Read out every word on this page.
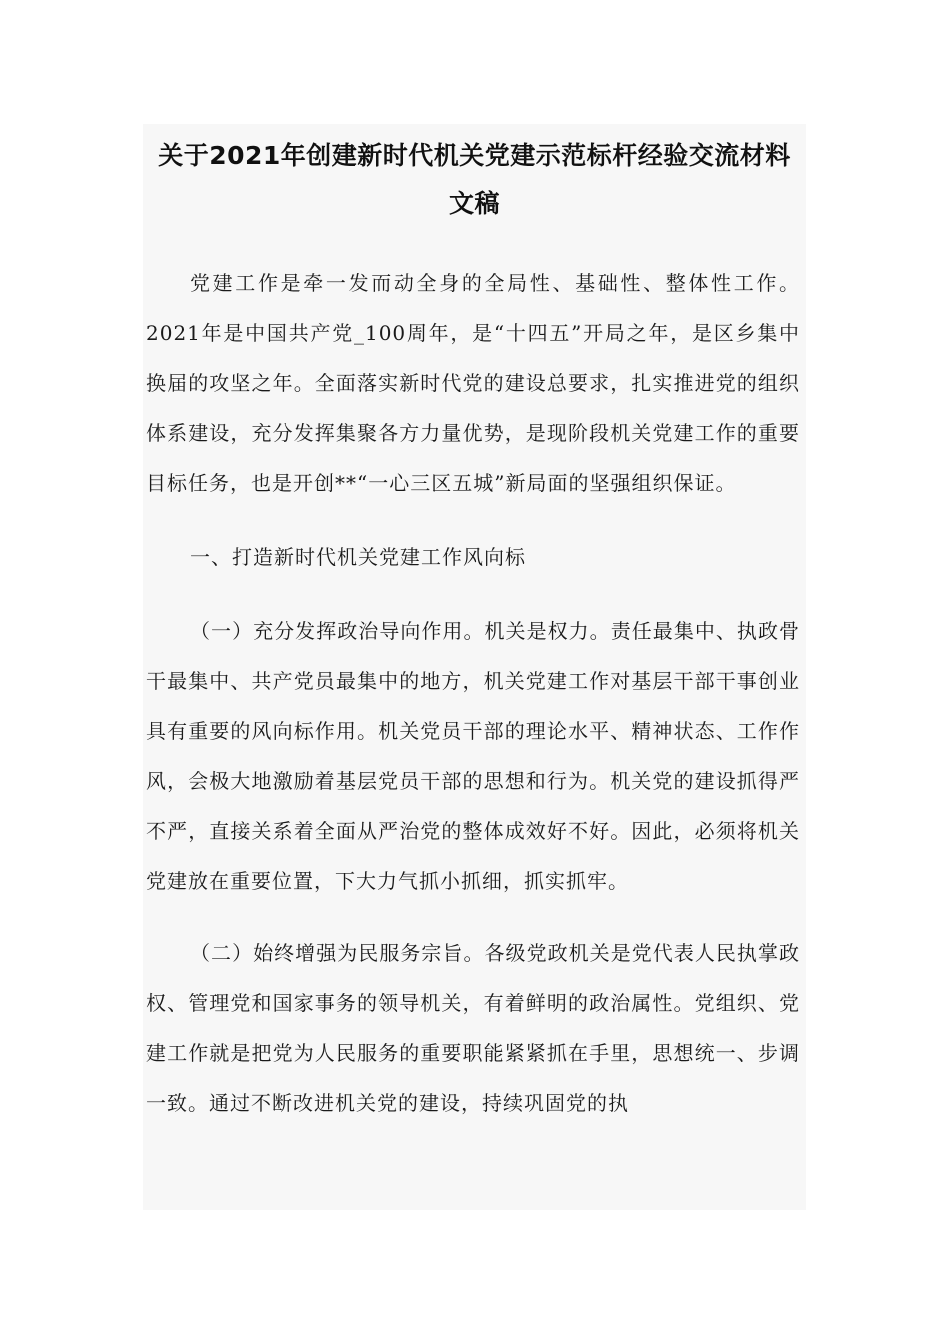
关于2021年创建新时代机关党建示范标杆经验交流材料文稿

党建工作是牵一发而动全身的全局性、基础性、整体性工作。2021年是中国共产党_100周年，是“十四五”开局之年，是区乡集中换届的攻坚之年。全面落实新时代党的建设总要求，扎实推进党的组织体系建设，充分发挥集聚各方力量优势，是现阶段机关党建工作的重要目标任务，也是开创**“一心三区五城”新局面的坚强组织保证。

一、打造新时代机关党建工作风向标

（一）充分发挥政治导向作用。机关是权力。责任最集中、执政骨干最集中、共产党员最集中的地方，机关党建工作对基层干部干事创业具有重要的风向标作用。机关党员干部的理论水平、精神状态、工作作风，会极大地激励着基层党员干部的思想和行为。机关党的建设抓得严不严，直接关系着全面从严治党的整体成效好不好。因此，必须将机关党建放在重要位置，下大力气抓小抓细，抓实抓牢。

（二）始终增强为民服务宗旨。各级党政机关是党代表人民执掌政权、管理党和国家事务的领导机关，有着鲜明的政治属性。党组织、党建工作就是把党为人民服务的重要职能紧紧抓在手里，思想统一、步调一致。通过不断改进机关党的建设，持续巩固党的执
